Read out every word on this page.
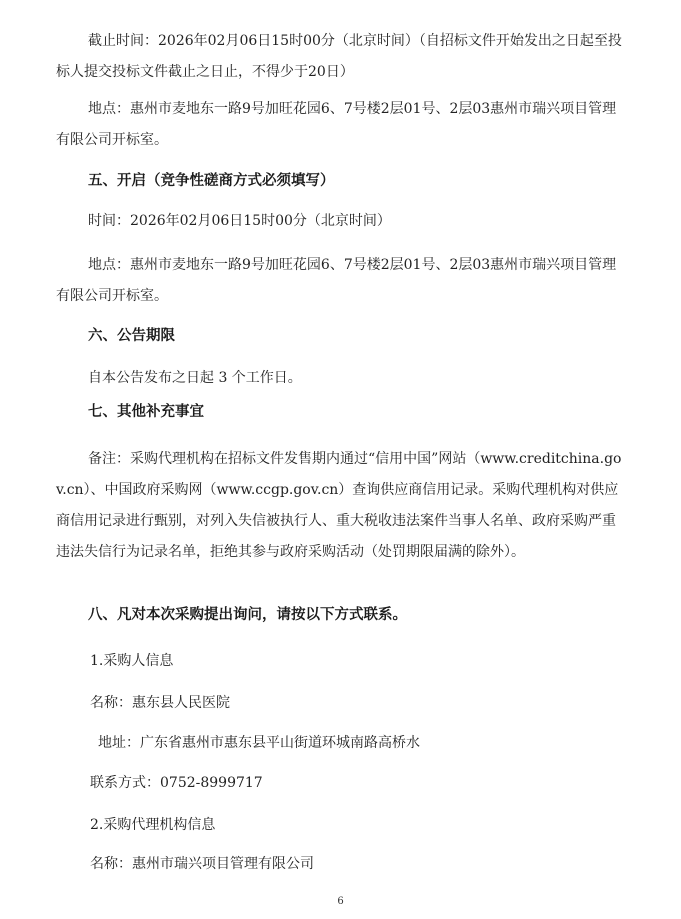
截止时间：2026年02月06日15时00分（北京时间）（自招标文件开始发出之日起至投标人提交投标文件截止之日止，不得少于20日）

地点：惠州市麦地东一路9号加旺花园6、7号楼2层01号、2层03惠州市瑞兴项目管理有限公司开标室。

五、开启（竞争性磋商方式必须填写）

时间：2026年02月06日15时00分（北京时间）

地点：惠州市麦地东一路9号加旺花园6、7号楼2层01号、2层03惠州市瑞兴项目管理有限公司开标室。

六、公告期限

自本公告发布之日起 3 个工作日。

七、其他补充事宜

备注：采购代理机构在招标文件发售期内通过“信用中国”网站（www.creditchina.gov.cn）、中国政府采购网（www.ccgp.gov.cn）查询供应商信用记录。采购代理机构对供应商信用记录进行甄别，对列入失信被执行人、重大税收违法案件当事人名单、政府采购严重违法失信行为记录名单，拒绝其参与政府采购活动（处罚期限届满的除外）。

八、凡对本次采购提出询问，请按以下方式联系。

1.采购人信息

名称：惠东县人民医院

地址：广东省惠州市惠东县平山街道环城南路高桥水

联系方式：0752-8999717

2.采购代理机构信息

名称：惠州市瑞兴项目管理有限公司

6
